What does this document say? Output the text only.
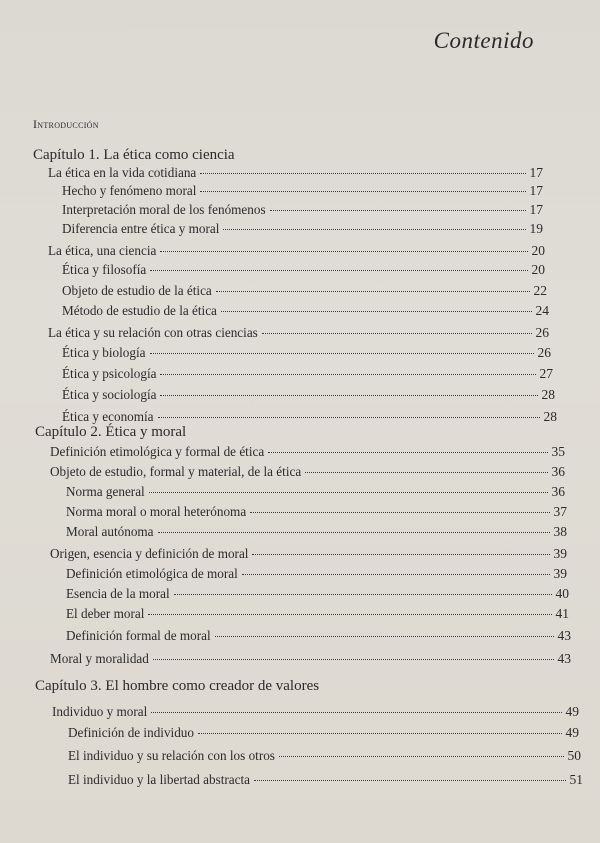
Contenido
Introducción
Capítulo 1. La ética como ciencia
La ética en la vida cotidiana	17
Hecho y fenómeno moral	17
Interpretación moral de los fenómenos	17
Diferencia entre ética y moral	19
La ética, una ciencia	20
Ética y filosofía	20
Objeto de estudio de la ética	22
Método de estudio de la ética	24
La ética y su relación con otras ciencias	26
Ética y biología	26
Ética y psicología	27
Ética y sociología	28
Ética y economía	28
Capítulo 2. Ética y moral
Definición etimológica y formal de ética	35
Objeto de estudio, formal y material, de la ética	36
Norma general	36
Norma moral o moral heterónoma	37
Moral autónoma	38
Origen, esencia y definición de moral	39
Definición etimológica de moral	39
Esencia de la moral	40
El deber moral	41
Definición formal de moral	43
Moral y moralidad	43
Capítulo 3. El hombre como creador de valores
Individuo y moral	49
Definición de individuo	49
El individuo y su relación con los otros	50
El individuo y la libertad abstracta	51
